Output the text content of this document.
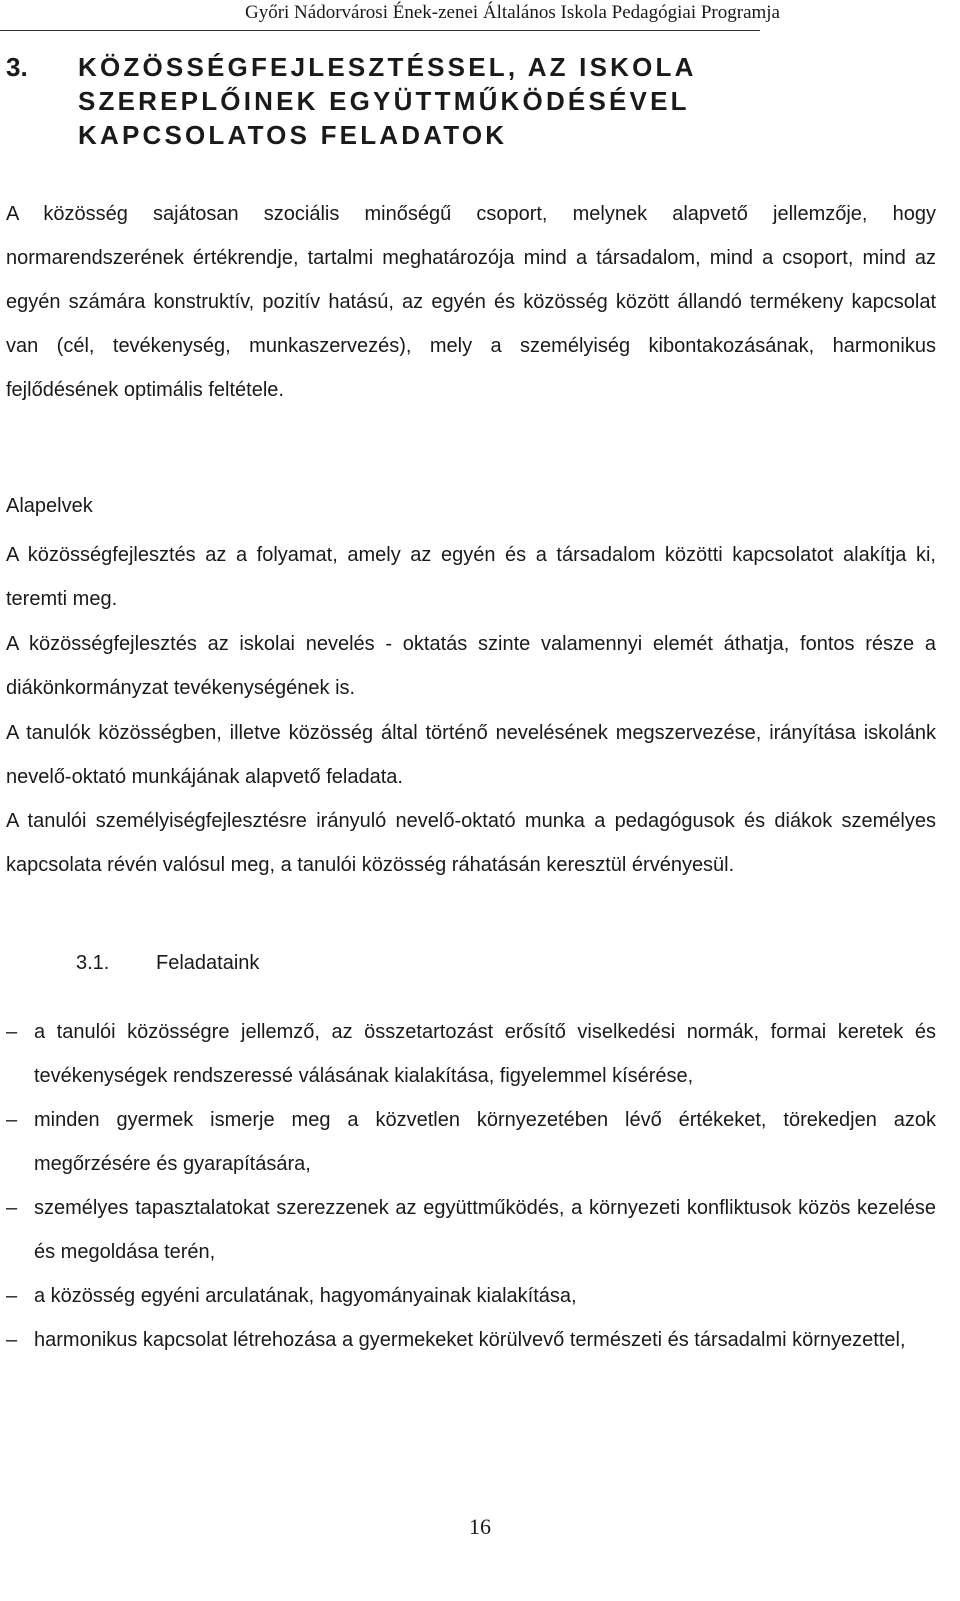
Győri Nádorvárosi Ének-zenei Általános Iskola Pedagógiai Programja
3.	KÖZÖSSÉGFEJLESZTÉSSEL, AZ ISKOLA
SZEREPLŐINEK EGYÜTTMŰKÖDÉSÉVEL
KAPCSOLATOS FELADATOK

A közösség sajátosan szociális minőségű csoport, melynek alapvető jellemzője, hogy normarendszerének értékrendje, tartalmi meghatározója mind a társadalom, mind a csoport, mind az egyén számára konstruktív, pozitív hatású, az egyén és közösség között állandó termékeny kapcsolat van (cél, tevékenység, munkaszervezés), mely a személyiség kibontakozásának, harmonikus fejlődésének optimális feltétele.

Alapelvek

A közösségfejlesztés az a folyamat, amely az egyén és a társadalom közötti kapcsolatot alakítja ki, teremti meg.

A közösségfejlesztés az iskolai nevelés - oktatás szinte valamennyi elemét áthatja, fontos része a diákönkormányzat tevékenységének is.

A tanulók közösségben, illetve közösség által történő nevelésének megszervezése, irányítása iskolánk nevelő-oktató munkájának alapvető feladata.

A tanulói személyiségfejlesztésre irányuló nevelő-oktató munka a pedagógusok és diákok személyes kapcsolata révén valósul meg, a tanulói közösség ráhatásán keresztül érvényesül.

3.1.	Feladataink
– a tanulói közösségre jellemző, az összetartozást erősítő viselkedési normák, formai keretek és tevékenységek rendszeressé válásának kialakítása, figyelemmel kísérése,
– minden gyermek ismerje meg a közvetlen környezetében lévő értékeket, törekedjen azok megőrzésére és gyarapítására,
– személyes tapasztalatokat szerezzenek az együttműködés, a környezeti konfliktusok közös kezelése és megoldása terén,
– a közösség egyéni arculatának, hagyományainak kialakítása,
– harmonikus kapcsolat létrehozása a gyermekeket körülvevő természeti és társadalmi környezettel,
16
